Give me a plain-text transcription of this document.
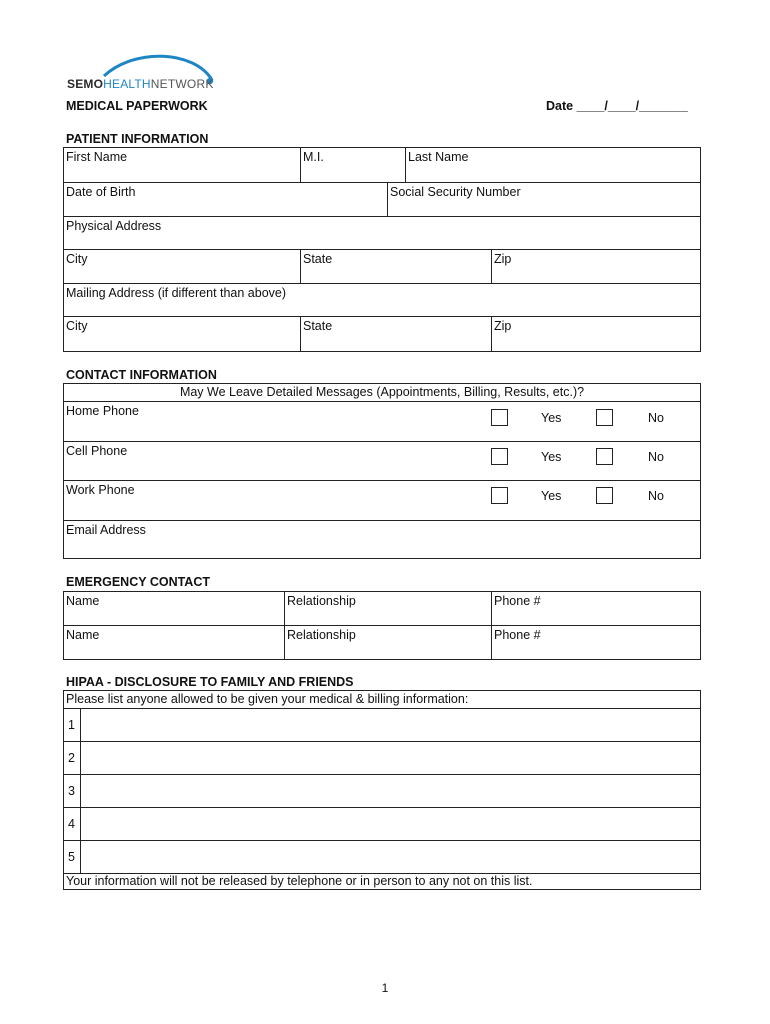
SEMOHEALTHNETWORK
MEDICAL PAPERWORK	Date ____/____/_______
PATIENT INFORMATION
First Name	M.I.	Last Name
Date of Birth	Social Security Number
Physical Address
City	State	Zip
Mailing Address (if different than above)
City	State	Zip
CONTACT INFORMATION
May We Leave Detailed Messages (Appointments, Billing, Results, etc.)?
Home Phone	Yes	No
Cell Phone	Yes	No
Work Phone	Yes	No
Email Address
EMERGENCY CONTACT
Name	Relationship	Phone #
Name	Relationship	Phone #
HIPAA - DISCLOSURE TO FAMILY AND FRIENDS
Please list anyone allowed to be given your medical & billing information:
1
2
3
4
5
Your information will not be released by telephone or in person to any not on this list.
1
